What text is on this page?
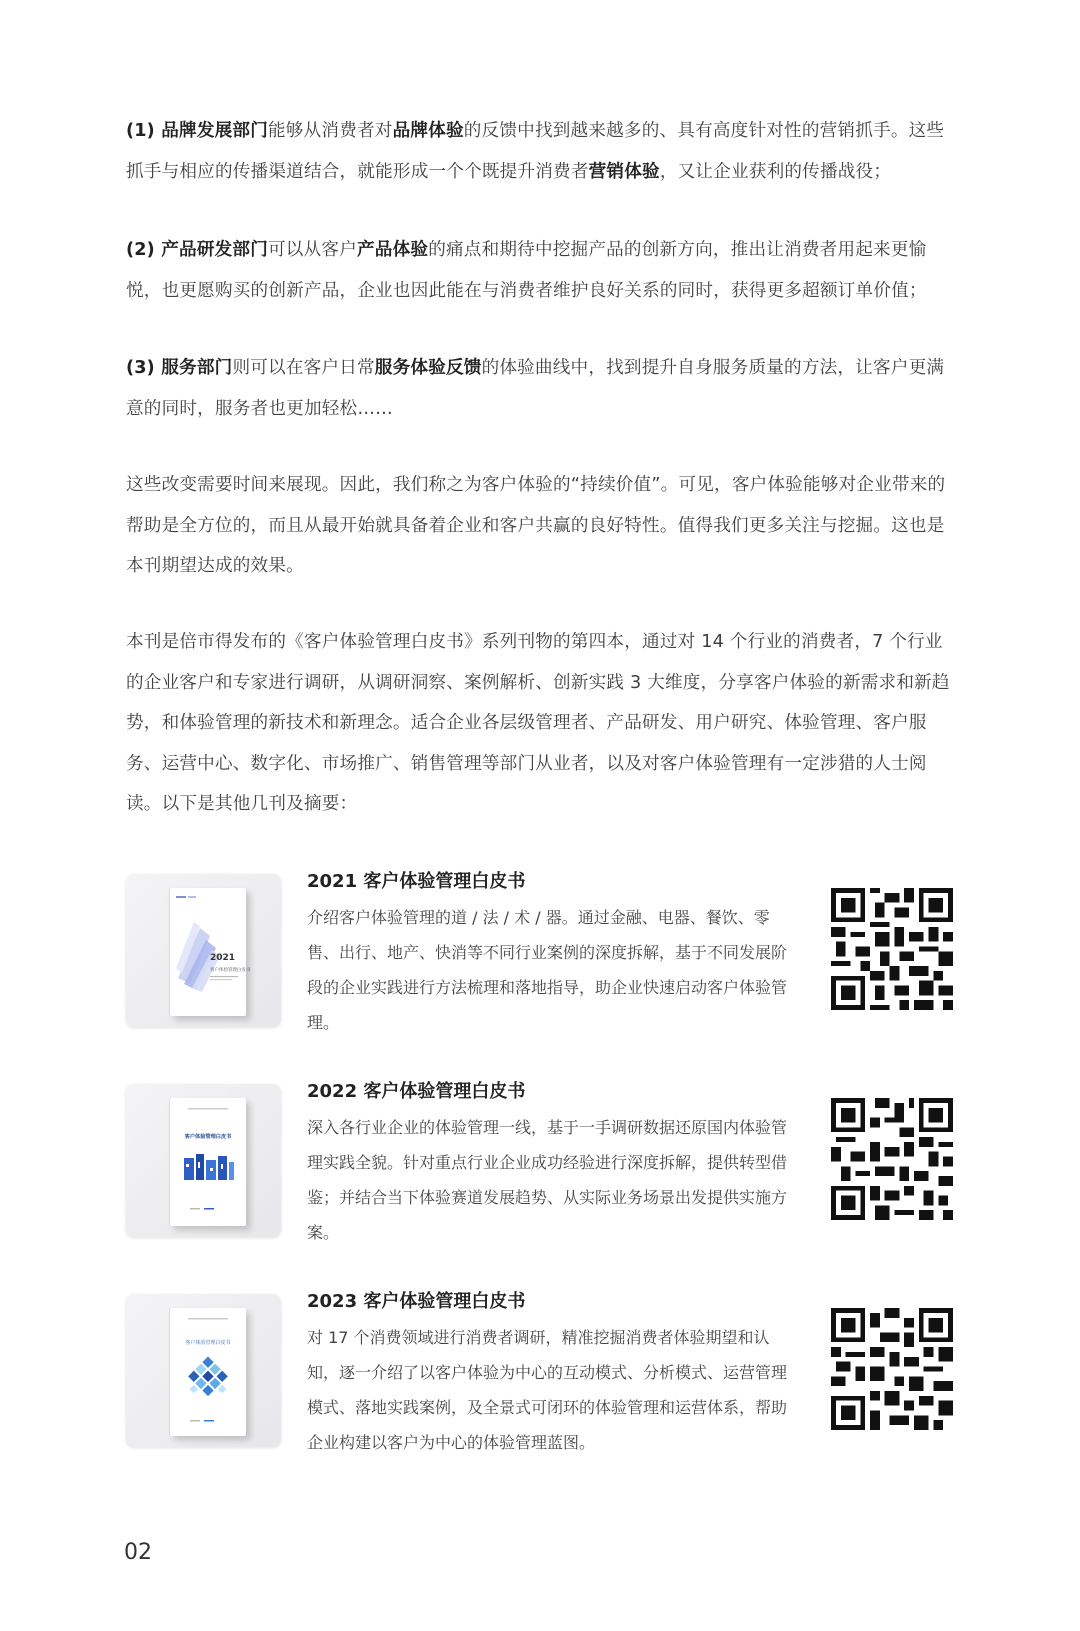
(1) 品牌发展部门能够从消费者对品牌体验的反馈中找到越来越多的、具有高度针对性的营销抓手。这些抓手与相应的传播渠道结合，就能形成一个个既提升消费者营销体验，又让企业获利的传播战役；
(2) 产品研发部门可以从客户产品体验的痛点和期待中挖掘产品的创新方向，推出让消费者用起来更愉悦，也更愿购买的创新产品，企业也因此能在与消费者维护良好关系的同时，获得更多超额订单价值；
(3) 服务部门则可以在客户日常服务体验反馈的体验曲线中，找到提升自身服务质量的方法，让客户更满意的同时，服务者也更加轻松……
这些改变需要时间来展现。因此，我们称之为客户体验的“持续价值”。可见，客户体验能够对企业带来的帮助是全方位的，而且从最开始就具备着企业和客户共赢的良好特性。值得我们更多关注与挖掘。这也是本刊期望达成的效果。
本刊是倍市得发布的《客户体验管理白皮书》系列刊物的第四本，通过对 14 个行业的消费者，7 个行业的企业客户和专家进行调研，从调研洞察、案例解析、创新实践 3 大维度，分享客户体验的新需求和新趋势，和体验管理的新技术和新理念。适合企业各层级管理者、产品研发、用户研究、体验管理、客户服务、运营中心、数字化、市场推广、销售管理等部门从业者，以及对客户体验管理有一定涉猎的人士阅读。以下是其他几刊及摘要：
2021
客户体验管理白皮书
2021 客户体验管理白皮书
介绍客户体验管理的道 / 法 / 术 / 器。通过金融、电器、餐饮、零售、出行、地产、快消等不同行业案例的深度拆解，基于不同发展阶段的企业实践进行方法梳理和落地指导，助企业快速启动客户体验管理。
客户体验管理白皮书
2022 客户体验管理白皮书
深入各行业企业的体验管理一线，基于一手调研数据还原国内体验管理实践全貌。针对重点行业企业成功经验进行深度拆解，提供转型借鉴；并结合当下体验赛道发展趋势、从实际业务场景出发提供实施方案。
客户体验管理白皮书
2023 客户体验管理白皮书
对 17 个消费领域进行消费者调研，精准挖掘消费者体验期望和认知，逐一介绍了以客户体验为中心的互动模式、分析模式、运营管理模式、落地实践案例，及全景式可闭环的体验管理和运营体系，帮助企业构建以客户为中心的体验管理蓝图。
02
